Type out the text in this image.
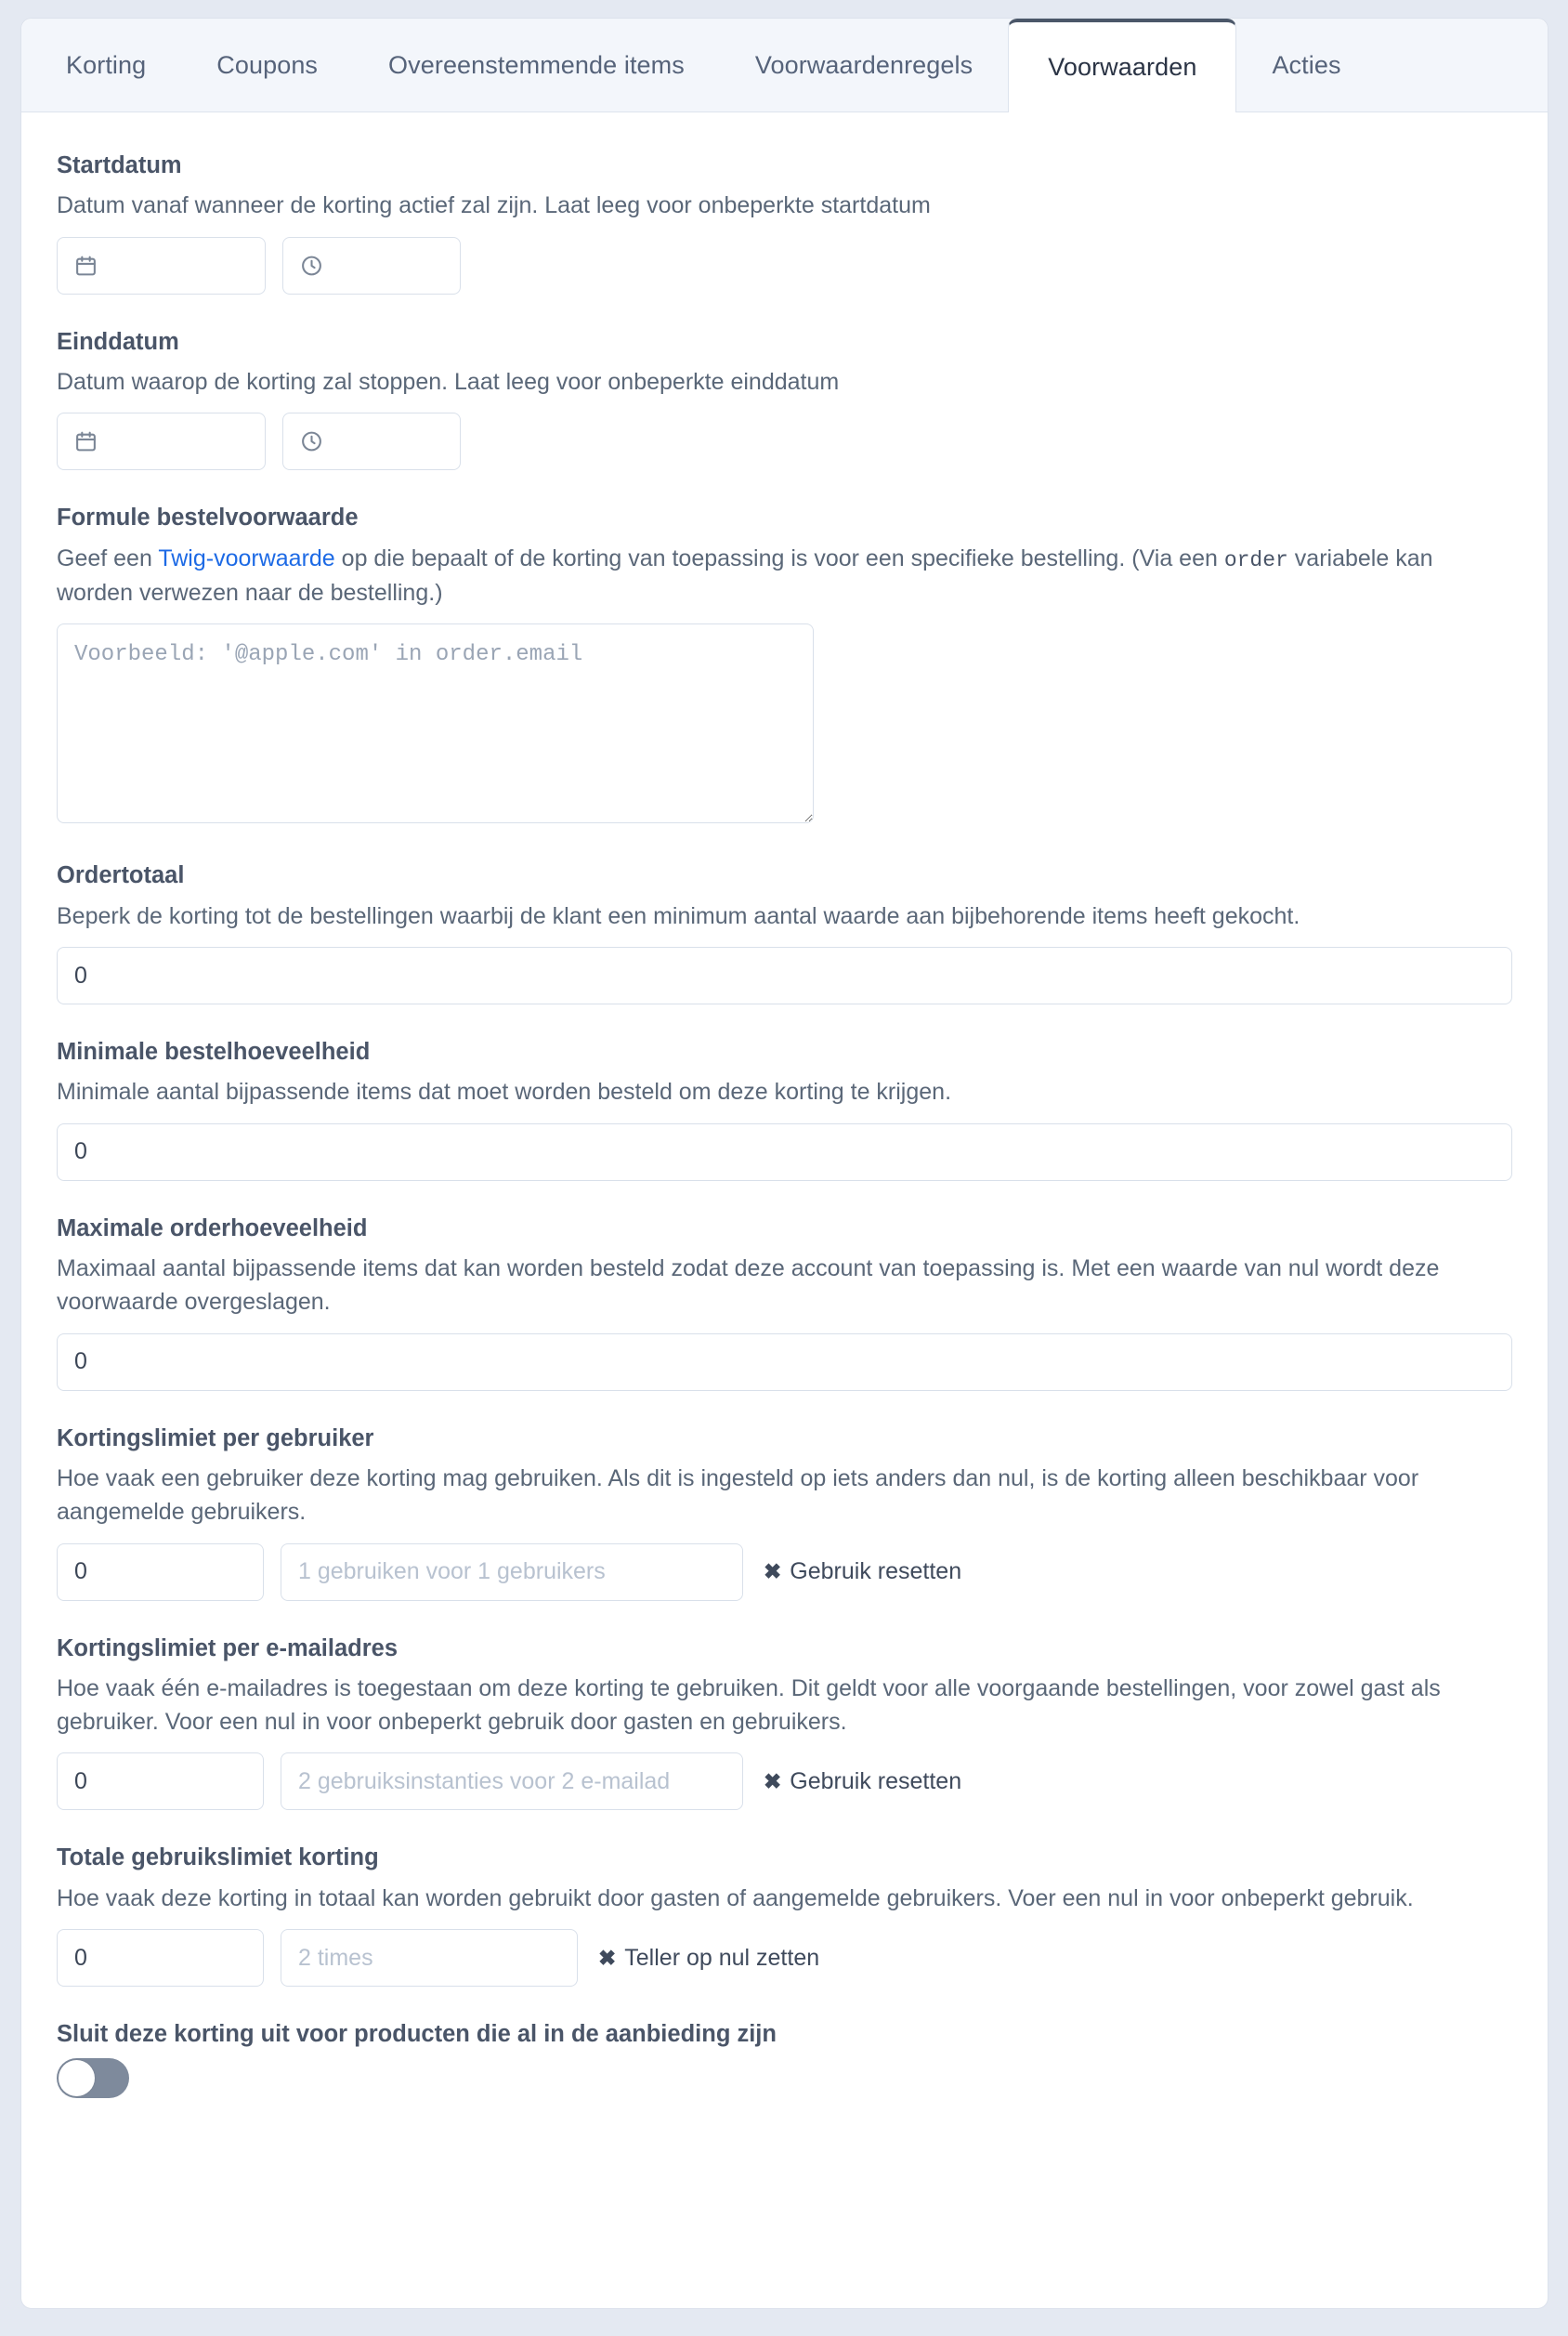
Korting	Coupons	Overeenstemmende items	Voorwaardenregels	Voorwaarden	Acties
Startdatum
Datum vanaf wanneer de korting actief zal zijn. Laat leeg voor onbeperkte startdatum
Einddatum
Datum waarop de korting zal stoppen. Laat leeg voor onbeperkte einddatum
Formule bestelvoorwaarde
Geef een Twig-voorwaarde op die bepaalt of de korting van toepassing is voor een specifieke bestelling. (Via een order variabele kan worden verwezen naar de bestelling.)
Voorbeeld: '@apple.com' in order.email
Ordertotaal
Beperk de korting tot de bestellingen waarbij de klant een minimum aantal waarde aan bijbehorende items heeft gekocht.
0
Minimale bestelhoeveelheid
Minimale aantal bijpassende items dat moet worden besteld om deze korting te krijgen.
0
Maximale orderhoeveelheid
Maximaal aantal bijpassende items dat kan worden besteld zodat deze account van toepassing is. Met een waarde van nul wordt deze voorwaarde overgeslagen.
0
Kortingslimiet per gebruiker
Hoe vaak een gebruiker deze korting mag gebruiken. Als dit is ingesteld op iets anders dan nul, is de korting alleen beschikbaar voor aangemelde gebruikers.
0
1 gebruiken voor 1 gebruikers
✖ Gebruik resetten
Kortingslimiet per e-mailadres
Hoe vaak één e-mailadres is toegestaan om deze korting te gebruiken. Dit geldt voor alle voorgaande bestellingen, voor zowel gast als gebruiker. Voor een nul in voor onbeperkt gebruik door gasten en gebruikers.
0
2 gebruiksinstanties voor 2 e-mailad
✖ Gebruik resetten
Totale gebruikslimiet korting
Hoe vaak deze korting in totaal kan worden gebruikt door gasten of aangemelde gebruikers. Voer een nul in voor onbeperkt gebruik.
0
2 times
✖ Teller op nul zetten
Sluit deze korting uit voor producten die al in de aanbieding zijn
